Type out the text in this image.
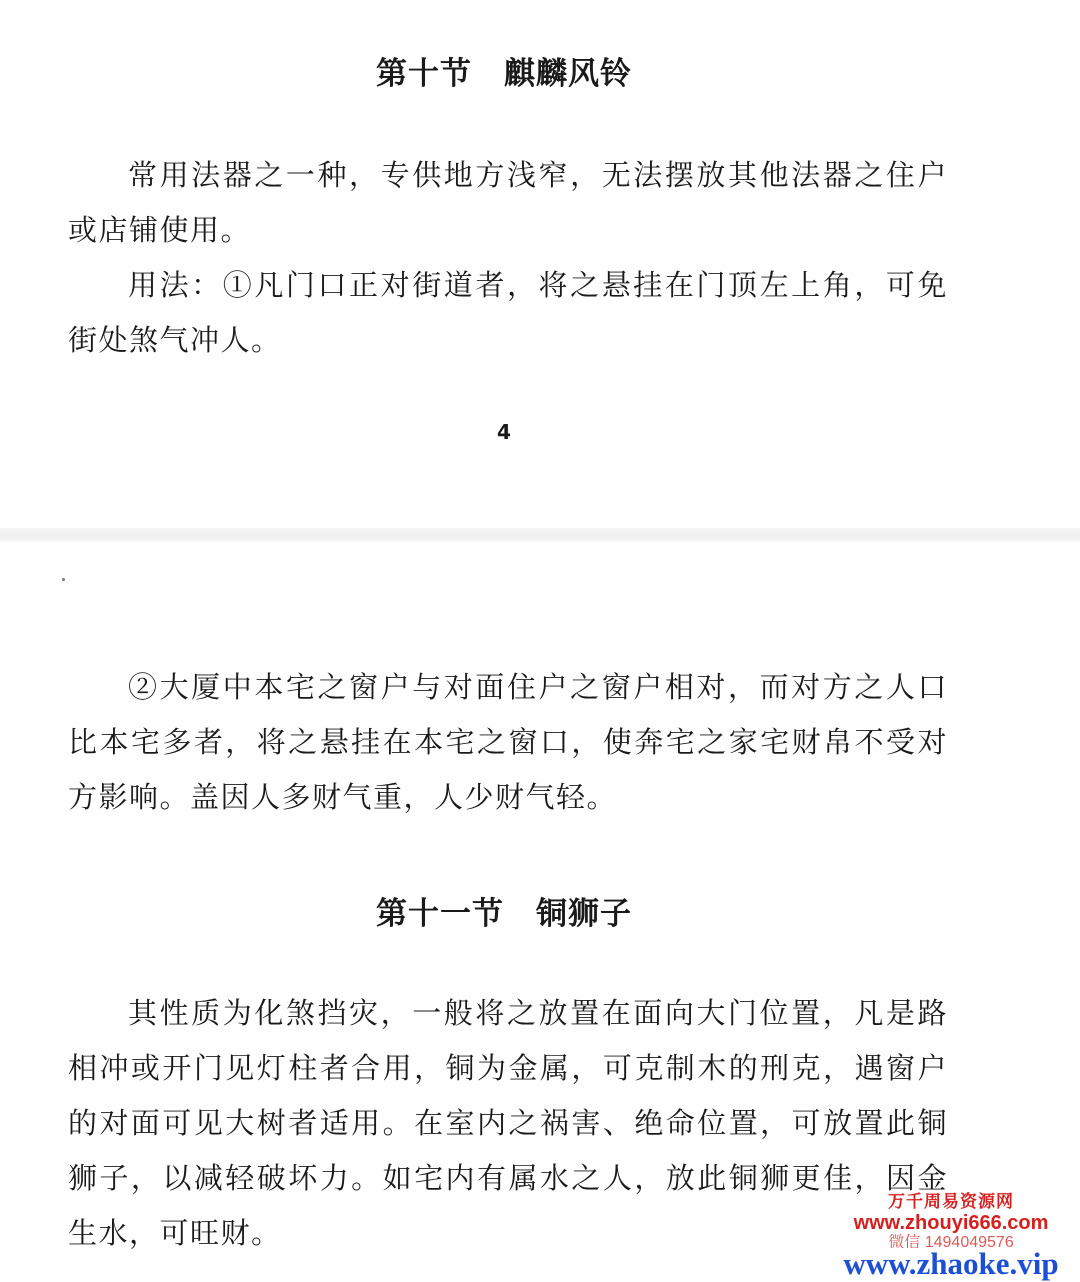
第十节　麒麟风铃

常用法器之一种，专供地方浅窄，无法摆放其他法器之住户或店铺使用。

用法：①凡门口正对街道者，将之悬挂在门顶左上角，可免街处煞气冲人。

4

②大厦中本宅之窗户与对面住户之窗户相对，而对方之人口比本宅多者，将之悬挂在本宅之窗口，使奔宅之家宅财帛不受对方影响。盖因人多财气重，人少财气轻。

第十一节　铜狮子

其性质为化煞挡灾，一般将之放置在面向大门位置，凡是路相冲或开门见灯柱者合用，铜为金属，可克制木的刑克，遇窗户的对面可见大树者适用。在室内之祸害、绝命位置，可放置此铜狮子，以减轻破坏力。如宅内有属水之人，放此铜狮更佳，因金生水，可旺财。

万千周易资源网
www.zhouyi666.com
微信 1494049576
www.zhaoke.vip
